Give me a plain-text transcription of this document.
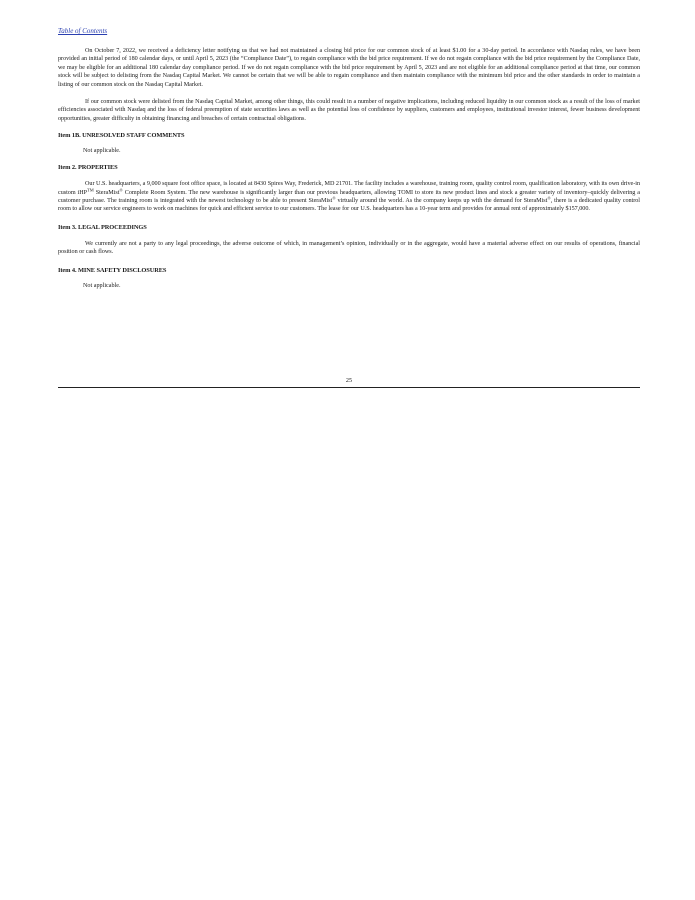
Table of Contents

On October 7, 2022, we received a deficiency letter notifying us that we had not maintained a closing bid price for our common stock of at least $1.00 for a 30-day period. In accordance with Nasdaq rules, we have been provided an initial period of 180 calendar days, or until April 5, 2023 (the “Compliance Date”), to regain compliance with the bid price requirement. If we do not regain compliance with the bid price requirement by the Compliance Date, we may be eligible for an additional 180 calendar day compliance period. If we do not regain compliance with the bid price requirement by April 5, 2023 and are not eligible for an additional compliance period at that time, our common stock will be subject to delisting from the Nasdaq Capital Market. We cannot be certain that we will be able to regain compliance and then maintain compliance with the minimum bid price and the other standards in order to maintain a listing of our common stock on the Nasdaq Capital Market.

If our common stock were delisted from the Nasdaq Capital Market, among other things, this could result in a number of negative implications, including reduced liquidity in our common stock as a result of the loss of market efficiencies associated with Nasdaq and the loss of federal preemption of state securities laws as well as the potential loss of confidence by suppliers, customers and employees, institutional investor interest, fewer business development opportunities, greater difficulty in obtaining financing and breaches of certain contractual obligations.

Item 1B. UNRESOLVED STAFF COMMENTS

Not applicable.

Item 2. PROPERTIES

Our U.S. headquarters, a 9,000 square foot office space, is located at 8430 Spires Way, Frederick, MD 21701. The facility includes a warehouse, training room, quality control room, qualification laboratory, with its own drive-in custom iHP™ SteraMist® Complete Room System. The new warehouse is significantly larger than our previous headquarters, allowing TOMI to store its new product lines and stock a greater variety of inventory–quickly delivering a customer purchase. The training room is integrated with the newest technology to be able to present SteraMist® virtually around the world. As the company keeps up with the demand for SteraMist®, there is a dedicated quality control room to allow our service engineers to work on machines for quick and efficient service to our customers. The lease for our U.S. headquarters has a 10-year term and provides for annual rent of approximately $157,000.

Item 3. LEGAL PROCEEDINGS

We currently are not a party to any legal proceedings, the adverse outcome of which, in management’s opinion, individually or in the aggregate, would have a material adverse effect on our results of operations, financial position or cash flows.

Item 4. MINE SAFETY DISCLOSURES

Not applicable.

25
